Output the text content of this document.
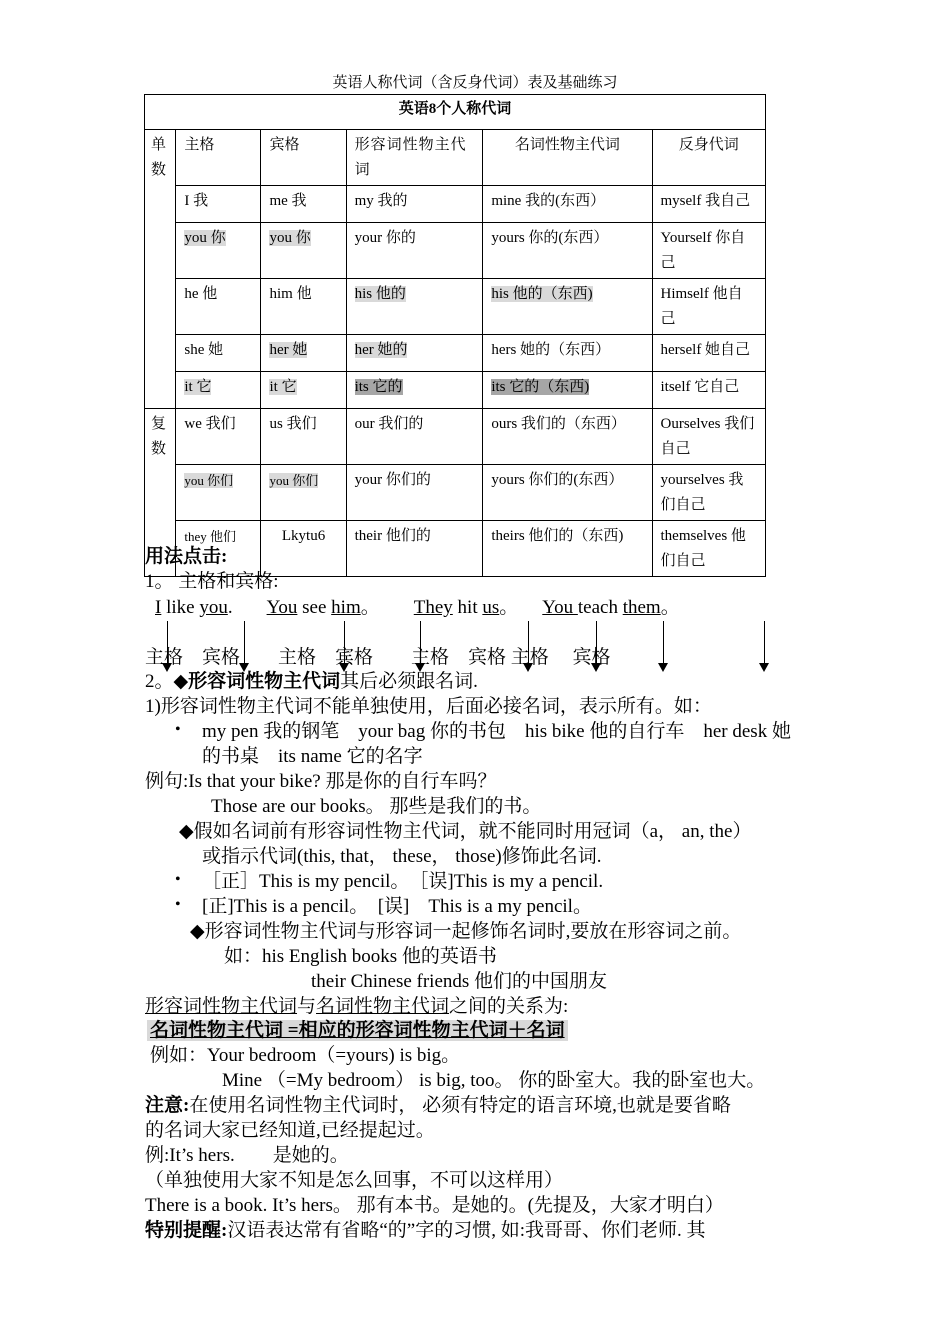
英语人称代词（含反身代词）表及基础练习
英语8个人称代词					
单数	主格	宾格	形容词性物主代词	名词性物主代词	反身代词
	I 我	me 我	my 我的	mine 我的(东西）	myself 我自己
	you 你	you 你	your 你的	yours 你的(东西）	Yourself 你自己
	he 他	him 他	his 他的	his 他的（东西)	Himself 他自己
	she 她	her 她	her 她的	hers 她的（东西）	herself 她自己
	it 它	it 它	its 它的	its 它的（东西)	itself 它自己
复数	we 我们	us 我们	our 我们的	ours 我们的（东西）	Ourselves 我们自己
	you 你们	you 你们	your 你们的	yours 你们的(东西）	yourselves 我们自己
	they 他们	Lkytu6	their 他们的	theirs 他们的（东西)	themselves 他们自己
用法点击:
1。 主格和宾格:
I like you. You see him。 They hit us。 You teach them。
主格　宾格　　主格　宾格　　主格　宾格 主格　 宾格
2。◆形容词性物主代词其后必须跟名词.
1)形容词性物主代词不能单独使用，后面必接名词，表示所有。如：
• my pen 我的钢笔　your bag 你的书包　his bike 他的自行车　her desk 她
的书桌　its name 它的名字
例句:Is that your bike? 那是你的自行车吗？
Those are our books。 那些是我们的书。
◆假如名词前有形容词性物主代词，就不能同时用冠词（a， an, the）
或指示代词(this, that， these， those)修饰此名词.
• ［正］This is my pencil。　［误]This is my a pencil.
• [正]This is a pencil。　[误]　This is a my pencil。
◆形容词性物主代词与形容词一起修饰名词时,要放在形容词之前。
如：his English books 他的英语书
their Chinese friends 他们的中国朋友
形容词性物主代词与名词性物主代词之间的关系为:
名词性物主代词 =相应的形容词性物主代词＋名词
例如：Your bedroom（=yours) is big。
Mine （=My bedroom） is big, too。 你的卧室大。我的卧室也大。
注意:在使用名词性物主代词时， 必须有特定的语言环境,也就是要省略
的名词大家已经知道,已经提起过。
例:It’s hers.　　是她的。
（单独使用大家不知是怎么回事，不可以这样用）
There is a book. It’s hers。 那有本书。是她的。(先提及，大家才明白）
特别提醒:汉语表达常有省略“的”字的习惯, 如:我哥哥、你们老师. 其
